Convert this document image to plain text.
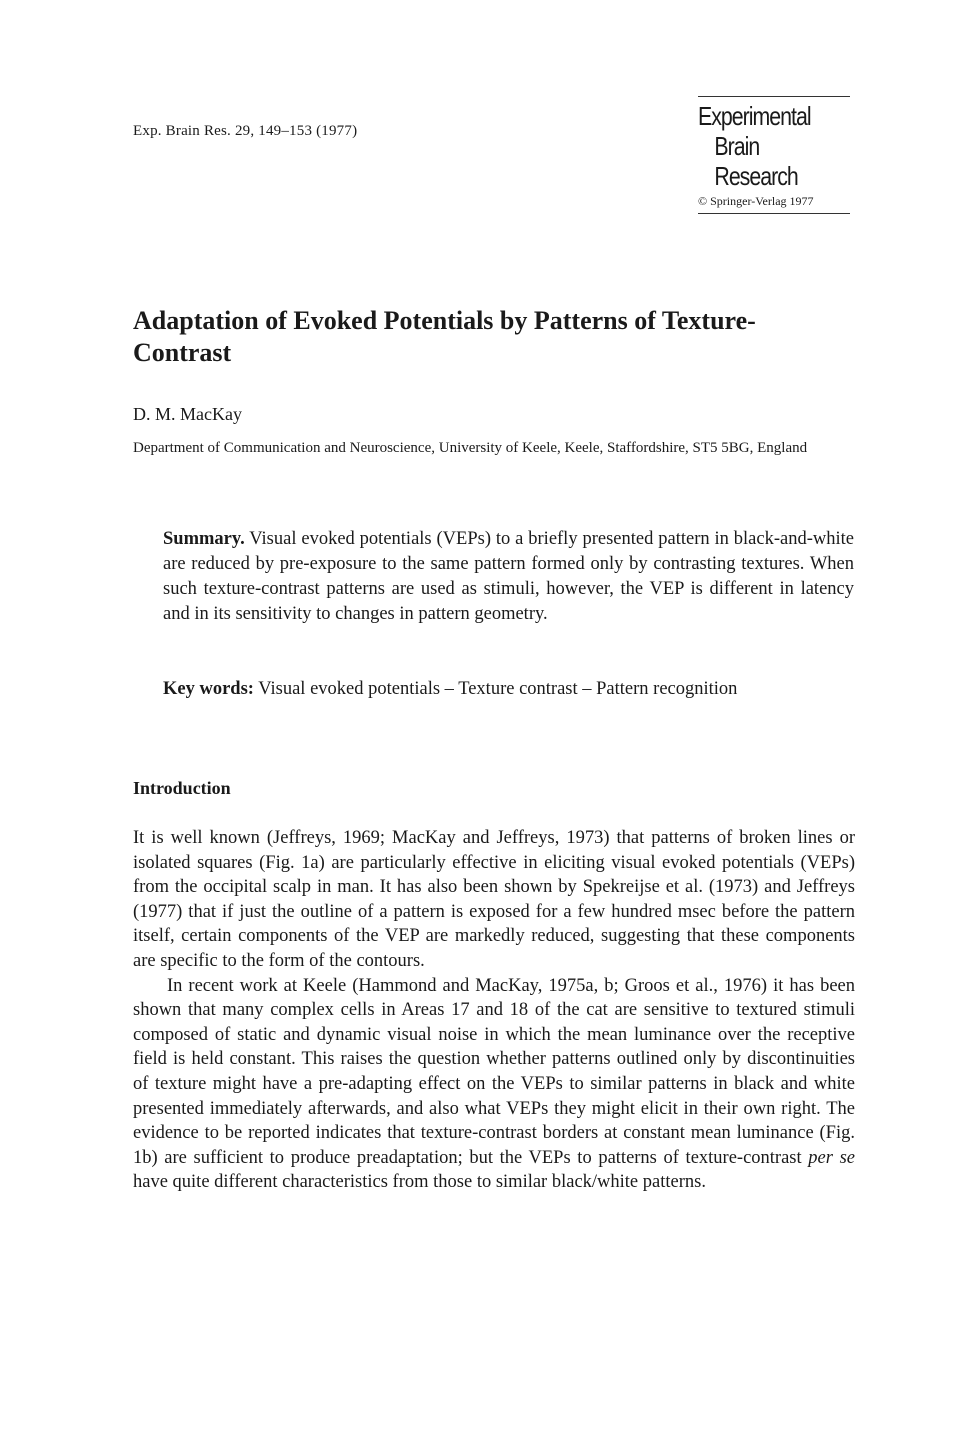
Exp. Brain Res. 29, 149–153 (1977)	Experimental
Brain
Research
© Springer-Verlag 1977
Adaptation of Evoked Potentials by Patterns of Texture-Contrast
D. M. MacKay
Department of Communication and Neuroscience, University of Keele, Keele, Staffordshire, ST5 5BG, England
Summary. Visual evoked potentials (VEPs) to a briefly presented pattern in black-and-white are reduced by pre-exposure to the same pattern formed only by contrasting textures. When such texture-contrast patterns are used as stimuli, however, the VEP is different in latency and in its sensitivity to changes in pattern geometry.
Key words: Visual evoked potentials – Texture contrast – Pattern recognition
Introduction

It is well known (Jeffreys, 1969; MacKay and Jeffreys, 1973) that patterns of broken lines or isolated squares (Fig. 1a) are particularly effective in eliciting visual evoked potentials (VEPs) from the occipital scalp in man. It has also been shown by Spekreijse et al. (1973) and Jeffreys (1977) that if just the outline of a pattern is exposed for a few hundred msec before the pattern itself, certain components of the VEP are markedly reduced, suggesting that these components are specific to the form of the contours.

In recent work at Keele (Hammond and MacKay, 1975a, b; Groos et al., 1976) it has been shown that many complex cells in Areas 17 and 18 of the cat are sensitive to textured stimuli composed of static and dynamic visual noise in which the mean luminance over the receptive field is held constant. This raises the question whether patterns outlined only by discontinuities of texture might have a pre-adapting effect on the VEPs to similar patterns in black and white presented immediately afterwards, and also what VEPs they might elicit in their own right. The evidence to be reported indicates that texture-contrast borders at constant mean luminance (Fig. 1b) are sufficient to produce preadaptation; but the VEPs to patterns of texture-contrast per se have quite different characteristics from those to similar black/white patterns.
